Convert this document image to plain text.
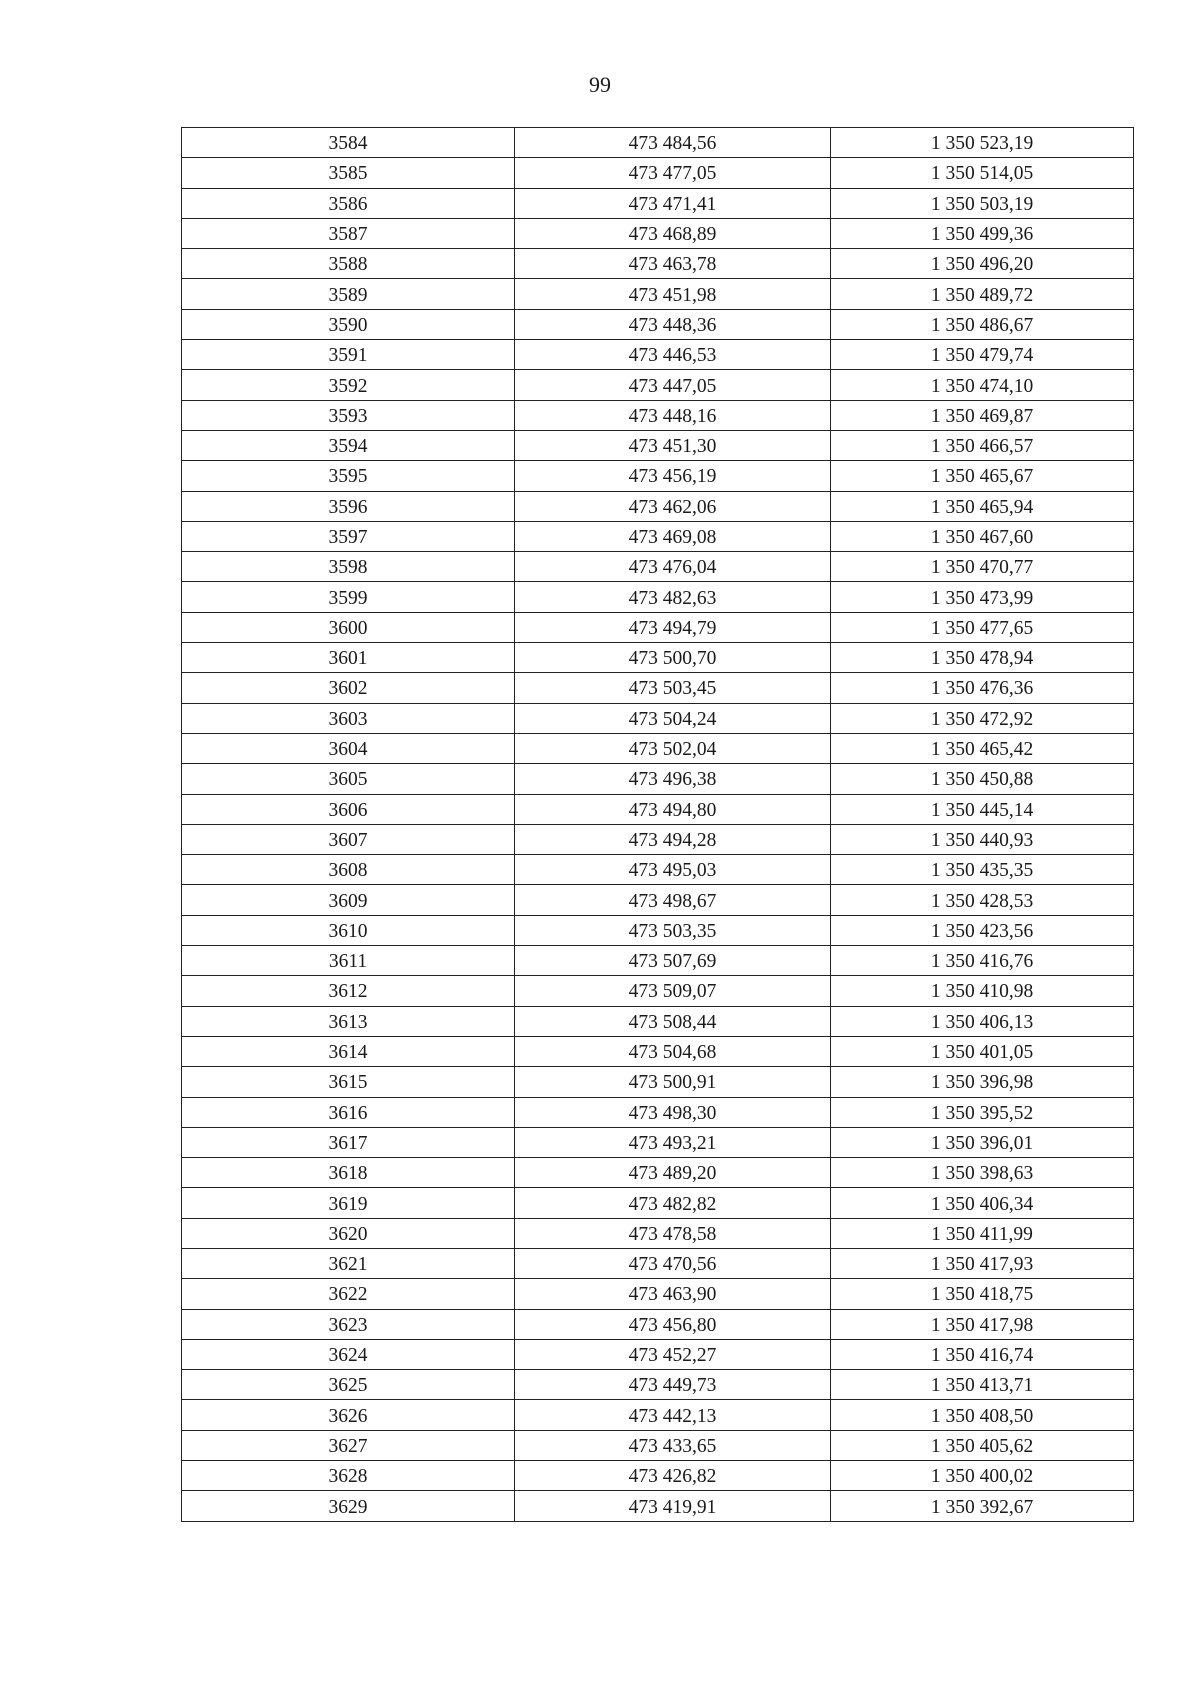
99
3584	473 484,56	1 350 523,19
3585	473 477,05	1 350 514,05
3586	473 471,41	1 350 503,19
3587	473 468,89	1 350 499,36
3588	473 463,78	1 350 496,20
3589	473 451,98	1 350 489,72
3590	473 448,36	1 350 486,67
3591	473 446,53	1 350 479,74
3592	473 447,05	1 350 474,10
3593	473 448,16	1 350 469,87
3594	473 451,30	1 350 466,57
3595	473 456,19	1 350 465,67
3596	473 462,06	1 350 465,94
3597	473 469,08	1 350 467,60
3598	473 476,04	1 350 470,77
3599	473 482,63	1 350 473,99
3600	473 494,79	1 350 477,65
3601	473 500,70	1 350 478,94
3602	473 503,45	1 350 476,36
3603	473 504,24	1 350 472,92
3604	473 502,04	1 350 465,42
3605	473 496,38	1 350 450,88
3606	473 494,80	1 350 445,14
3607	473 494,28	1 350 440,93
3608	473 495,03	1 350 435,35
3609	473 498,67	1 350 428,53
3610	473 503,35	1 350 423,56
3611	473 507,69	1 350 416,76
3612	473 509,07	1 350 410,98
3613	473 508,44	1 350 406,13
3614	473 504,68	1 350 401,05
3615	473 500,91	1 350 396,98
3616	473 498,30	1 350 395,52
3617	473 493,21	1 350 396,01
3618	473 489,20	1 350 398,63
3619	473 482,82	1 350 406,34
3620	473 478,58	1 350 411,99
3621	473 470,56	1 350 417,93
3622	473 463,90	1 350 418,75
3623	473 456,80	1 350 417,98
3624	473 452,27	1 350 416,74
3625	473 449,73	1 350 413,71
3626	473 442,13	1 350 408,50
3627	473 433,65	1 350 405,62
3628	473 426,82	1 350 400,02
3629	473 419,91	1 350 392,67
